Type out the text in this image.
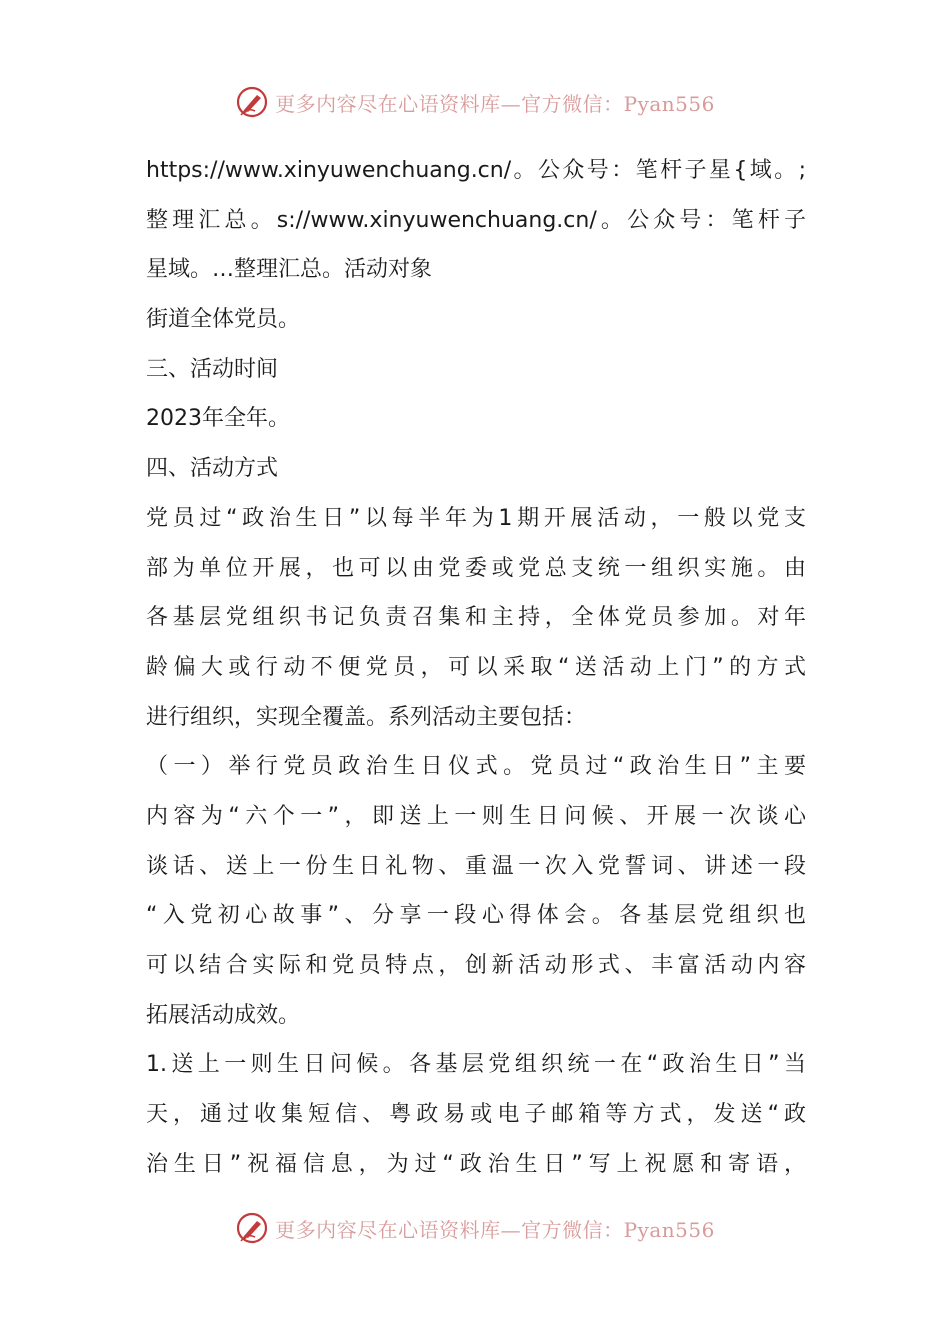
更多内容尽在心语资料库—官方微信：Pyan556
https://www.xinyuwenchuang.cn/。公众号：笔杆子星{域。;
整理汇总。s://www.xinyuwenchuang.cn/。公众号：笔杆子
星域。…整理汇总。活动对象
街道全体党员。
三、活动时间
2023年全年。
四、活动方式
党员过“政治生日”以每半年为1期开展活动，一般以党支
部为单位开展，也可以由党委或党总支统一组织实施。由
各基层党组织书记负责召集和主持，全体党员参加。对年
龄偏大或行动不便党员，可以采取“送活动上门”的方式
进行组织，实现全覆盖。系列活动主要包括：
（一）举行党员政治生日仪式。党员过“政治生日”主要
内容为“六个一”，即送上一则生日问候、开展一次谈心
谈话、送上一份生日礼物、重温一次入党誓词、讲述一段
“入党初心故事”、分享一段心得体会。各基层党组织也
可以结合实际和党员特点，创新活动形式、丰富活动内容
拓展活动成效。
1.送上一则生日问候。各基层党组织统一在“政治生日”当
天，通过收集短信、粤政易或电子邮箱等方式，发送“政
治生日”祝福信息，为过“政治生日”写上祝愿和寄语，
更多内容尽在心语资料库—官方微信：Pyan556
